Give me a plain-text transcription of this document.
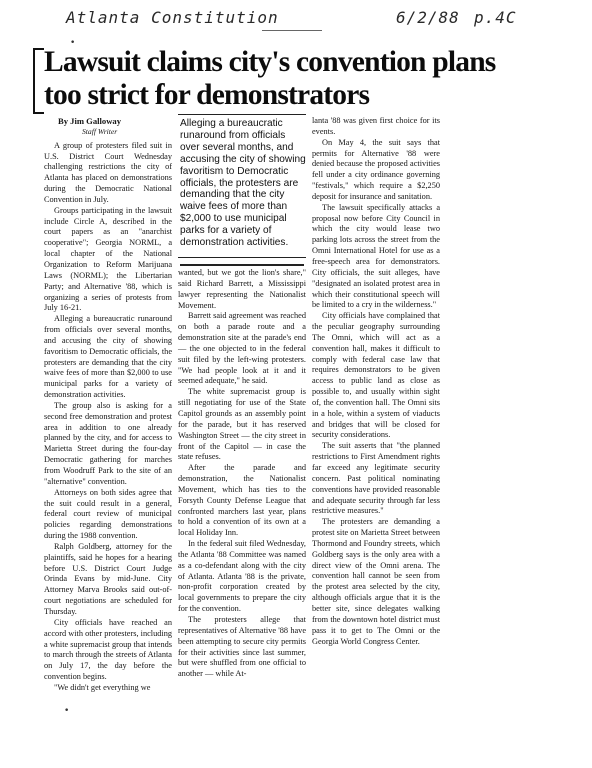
Atlanta Constitution	6/2/88 p.4C
•
•
Lawsuit claims city's convention plans too strict for demonstrators

By Jim Galloway

Staff Writer

A group of protesters filed suit in U.S. District Court Wednesday challenging restrictions the city of Atlanta has placed on demonstrations during the Democratic National Convention in July.

Groups participating in the lawsuit include Circle A, described in the court papers as an "anarchist cooperative"; Georgia NORML, a local chapter of the National Organization to Reform Marijuana Laws (NORML); the Libertarian Party; and Alternative '88, which is organizing a series of protests from July 16-21.

Alleging a bureaucratic runaround from officials over several months, and accusing the city of showing favoritism to Democratic officials, the protesters are demanding that the city waive fees of more than $2,000 to use municipal parks for a variety of demonstration activities.

The group also is asking for a second free demonstration and protest area in addition to one already planned by the city, and for access to Marietta Street during the four-day Democratic gathering for marches from Woodruff Park to the site of an "alternative" convention.

Attorneys on both sides agree that the suit could result in a general, federal court review of municipal policies regarding demonstrations during the 1988 convention.

Ralph Goldberg, attorney for the plaintiffs, said he hopes for a hearing before U.S. District Court Judge Orinda Evans by mid-June. City Attorney Marva Brooks said out-of-court negotiations are scheduled for Thursday.

City officials have reached an accord with other protesters, including a white supremacist group that intends to march through the streets of Atlanta on July 17, the day before the convention begins.

"We didn't get everything we

Alleging a bureaucratic runaround from officials over several months, and accusing the city of showing favoritism to Democratic officials, the protesters are demanding that the city waive fees of more than $2,000 to use municipal parks for a variety of demonstration activities.

wanted, but we got the lion's share," said Richard Barrett, a Mississippi lawyer representing the Nationalist Movement.

Barrett said agreement was reached on both a parade route and a demonstration site at the parade's end — the one objected to in the federal suit filed by the left-wing protesters. "We had people look at it and it seemed adequate," he said.

The white supremacist group is still negotiating for use of the State Capitol grounds as an assembly point for the parade, but it has reserved Washington Street — the city street in front of the Capitol — in case the state refuses.

After the parade and demonstration, the Nationalist Movement, which has ties to the Forsyth County Defense League that confronted marchers last year, plans to hold a convention of its own at a local Holiday Inn.

In the federal suit filed Wednesday, the Atlanta '88 Committee was named as a co-defendant along with the city of Atlanta. Atlanta '88 is the private, non-profit corporation created by local governments to prepare the city for the convention.

The protesters allege that representatives of Alternative '88 have been attempting to secure city permits for their activities since last summer, but were shuffled from one official to another — while At-

lanta '88 was given first choice for its events.

On May 4, the suit says that permits for Alternative '88 were denied because the proposed activities fell under a city ordinance governing "festivals," which require a $2,250 deposit for insurance and sanitation.

The lawsuit specifically attacks a proposal now before City Council in which the city would lease two parking lots across the street from the Omni International Hotel for use as a free-speech area for demonstrators. City officials, the suit alleges, have "designated an isolated protest area in which their constitutional speech will be limited to a cry in the wilderness."

City officials have complained that the peculiar geography surrounding The Omni, which will act as a convention hall, makes it difficult to comply with federal case law that requires demonstrators to be given access to public land as close as possible to, and usually within sight of, the convention hall. The Omni sits in a hole, within a system of viaducts and bridges that will be closed for security considerations.

The suit asserts that "the planned restrictions to First Amendment rights far exceed any legitimate security concern. Past political nominating conventions have provided reasonable and adequate security through far less restrictive measures."

The protesters are demanding a protest site on Marietta Street between Thormond and Foundry streets, which Goldberg says is the only area with a direct view of the Omni arena. The convention hall cannot be seen from the protest area selected by the city, although officials argue that it is the better site, since delegates walking from the downtown hotel district must pass it to get to The Omni or the Georgia World Congress Center.
